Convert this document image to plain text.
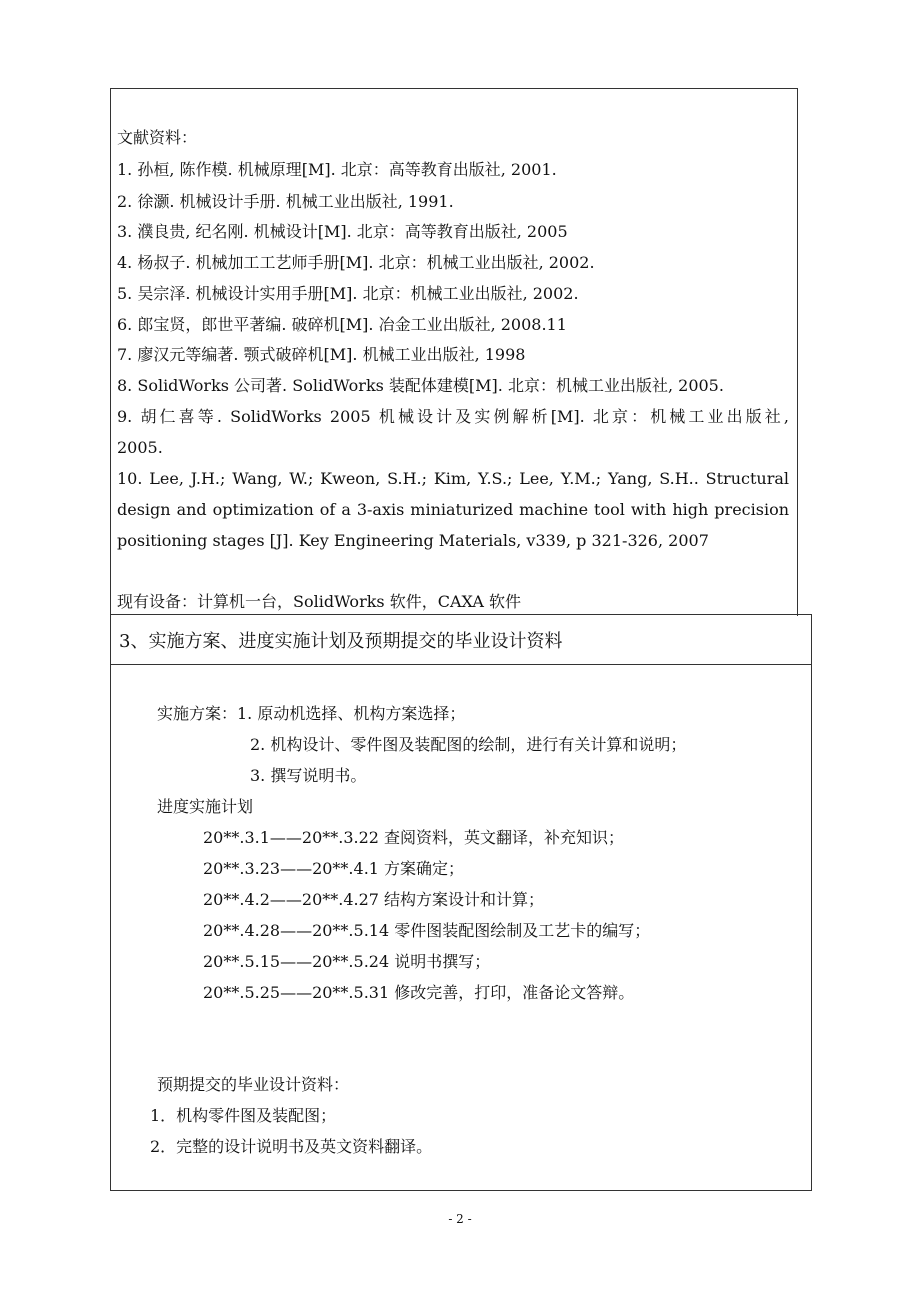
文献资料：
1. 孙桓, 陈作模. 机械原理[M]. 北京：高等教育出版社, 2001.
2. 徐灏. 机械设计手册. 机械工业出版社, 1991.
3. 濮良贵, 纪名刚. 机械设计[M]. 北京：高等教育出版社, 2005
4. 杨叔子. 机械加工工艺师手册[M]. 北京：机械工业出版社, 2002.
5. 吴宗泽. 机械设计实用手册[M]. 北京：机械工业出版社, 2002.
6. 郎宝贤，郎世平著编. 破碎机[M]. 冶金工业出版社, 2008.11
7. 廖汉元等编著. 颚式破碎机[M]. 机械工业出版社, 1998
8. SolidWorks 公司著. SolidWorks 装配体建模[M]. 北京：机械工业出版社, 2005.
9. 胡仁喜等. SolidWorks 2005 机械设计及实例解析[M]. 北京：机械工业出版社,
2005.
10. Lee, J.H.; Wang, W.; Kweon, S.H.; Kim, Y.S.; Lee, Y.M.; Yang, S.H.. Structural
design and optimization of a 3-axis miniaturized machine tool with high precision
positioning stages [J]. Key Engineering Materials, v339, p 321-326, 2007
现有设备：计算机一台，SolidWorks 软件，CAXA 软件
3、实施方案、进度实施计划及预期提交的毕业设计资料
实施方案：1. 原动机选择、机构方案选择；
2. 机构设计、零件图及装配图的绘制，进行有关计算和说明；
3. 撰写说明书。
进度实施计划
20**.3.1——20**.3.22 查阅资料，英文翻译，补充知识；
20**.3.23——20**.4.1 方案确定；
20**.4.2——20**.4.27 结构方案设计和计算；
20**.4.28——20**.5.14 零件图装配图绘制及工艺卡的编写；
20**.5.15——20**.5.24 说明书撰写；
20**.5.25——20**.5.31 修改完善，打印，准备论文答辩。
预期提交的毕业设计资料：
1．机构零件图及装配图；
2．完整的设计说明书及英文资料翻译。
- 2 -
